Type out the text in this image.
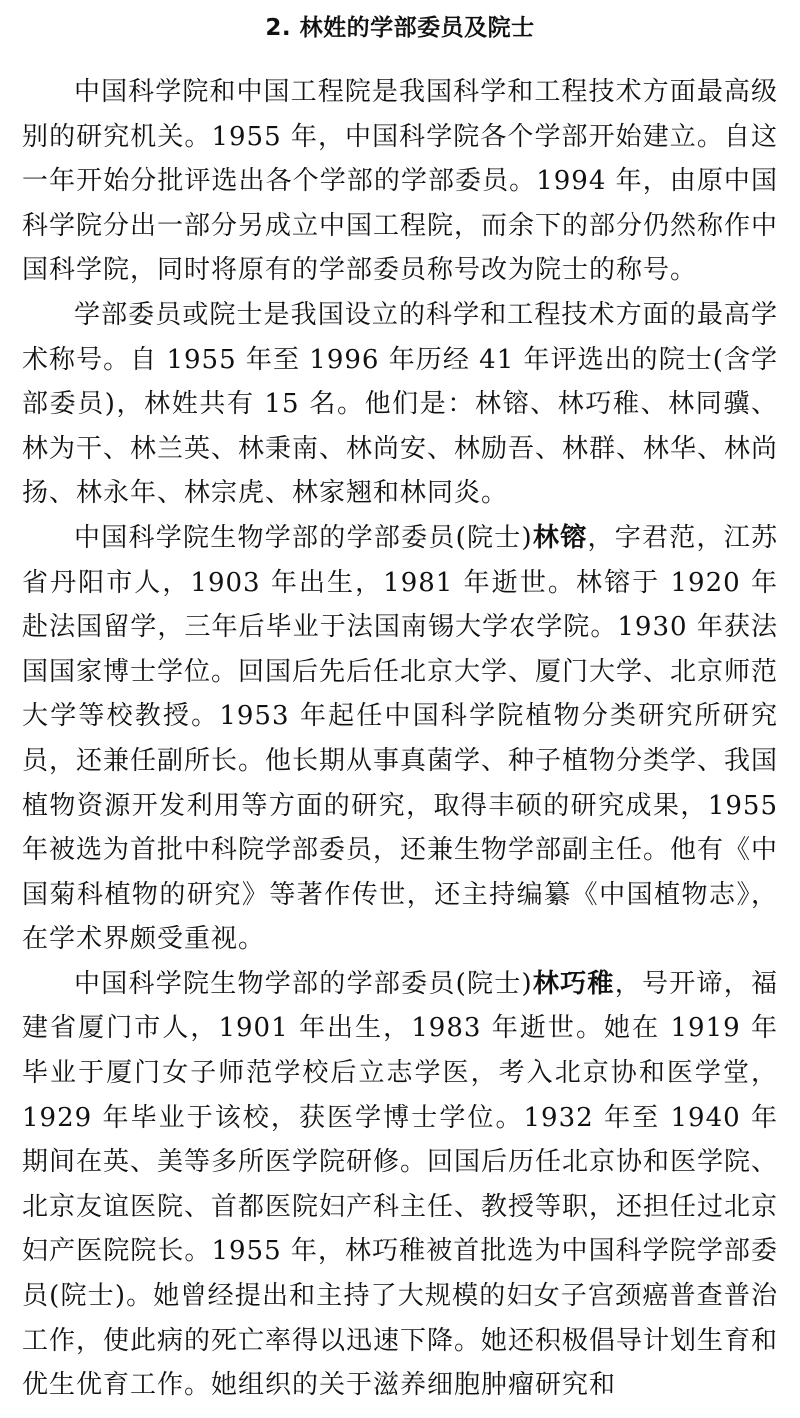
2. 林姓的学部委员及院士

中国科学院和中国工程院是我国科学和工程技术方面最高级别的研究机关。1955 年，中国科学院各个学部开始建立。自这一年开始分批评选出各个学部的学部委员。1994 年，由原中国科学院分出一部分另成立中国工程院，而余下的部分仍然称作中国科学院，同时将原有的学部委员称号改为院士的称号。

学部委员或院士是我国设立的科学和工程技术方面的最高学术称号。自 1955 年至 1996 年历经 41 年评选出的院士(含学部委员)，林姓共有 15 名。他们是：林镕、林巧稚、林同骥、林为干、林兰英、林秉南、林尚安、林励吾、林群、林华、林尚扬、林永年、林宗虎、林家翘和林同炎。

中国科学院生物学部的学部委员(院士)林镕，字君范，江苏省丹阳市人，1903 年出生，1981 年逝世。林镕于 1920 年赴法国留学，三年后毕业于法国南锡大学农学院。1930 年获法国国家博士学位。回国后先后任北京大学、厦门大学、北京师范大学等校教授。1953 年起任中国科学院植物分类研究所研究员，还兼任副所长。他长期从事真菌学、种子植物分类学、我国植物资源开发利用等方面的研究，取得丰硕的研究成果，1955 年被选为首批中科院学部委员，还兼生物学部副主任。他有《中国菊科植物的研究》等著作传世，还主持编纂《中国植物志》，在学术界颇受重视。

中国科学院生物学部的学部委员(院士)林巧稚，号开谛，福建省厦门市人，1901 年出生，1983 年逝世。她在 1919 年毕业于厦门女子师范学校后立志学医，考入北京协和医学堂，1929 年毕业于该校，获医学博士学位。1932 年至 1940 年期间在英、美等多所医学院研修。回国后历任北京协和医学院、北京友谊医院、首都医院妇产科主任、教授等职，还担任过北京妇产医院院长。1955 年，林巧稚被首批选为中国科学院学部委员(院士)。她曾经提出和主持了大规模的妇女子宫颈癌普查普治工作，使此病的死亡率得以迅速下降。她还积极倡导计划生育和优生优育工作。她组织的关于滋养细胞肿瘤研究和
